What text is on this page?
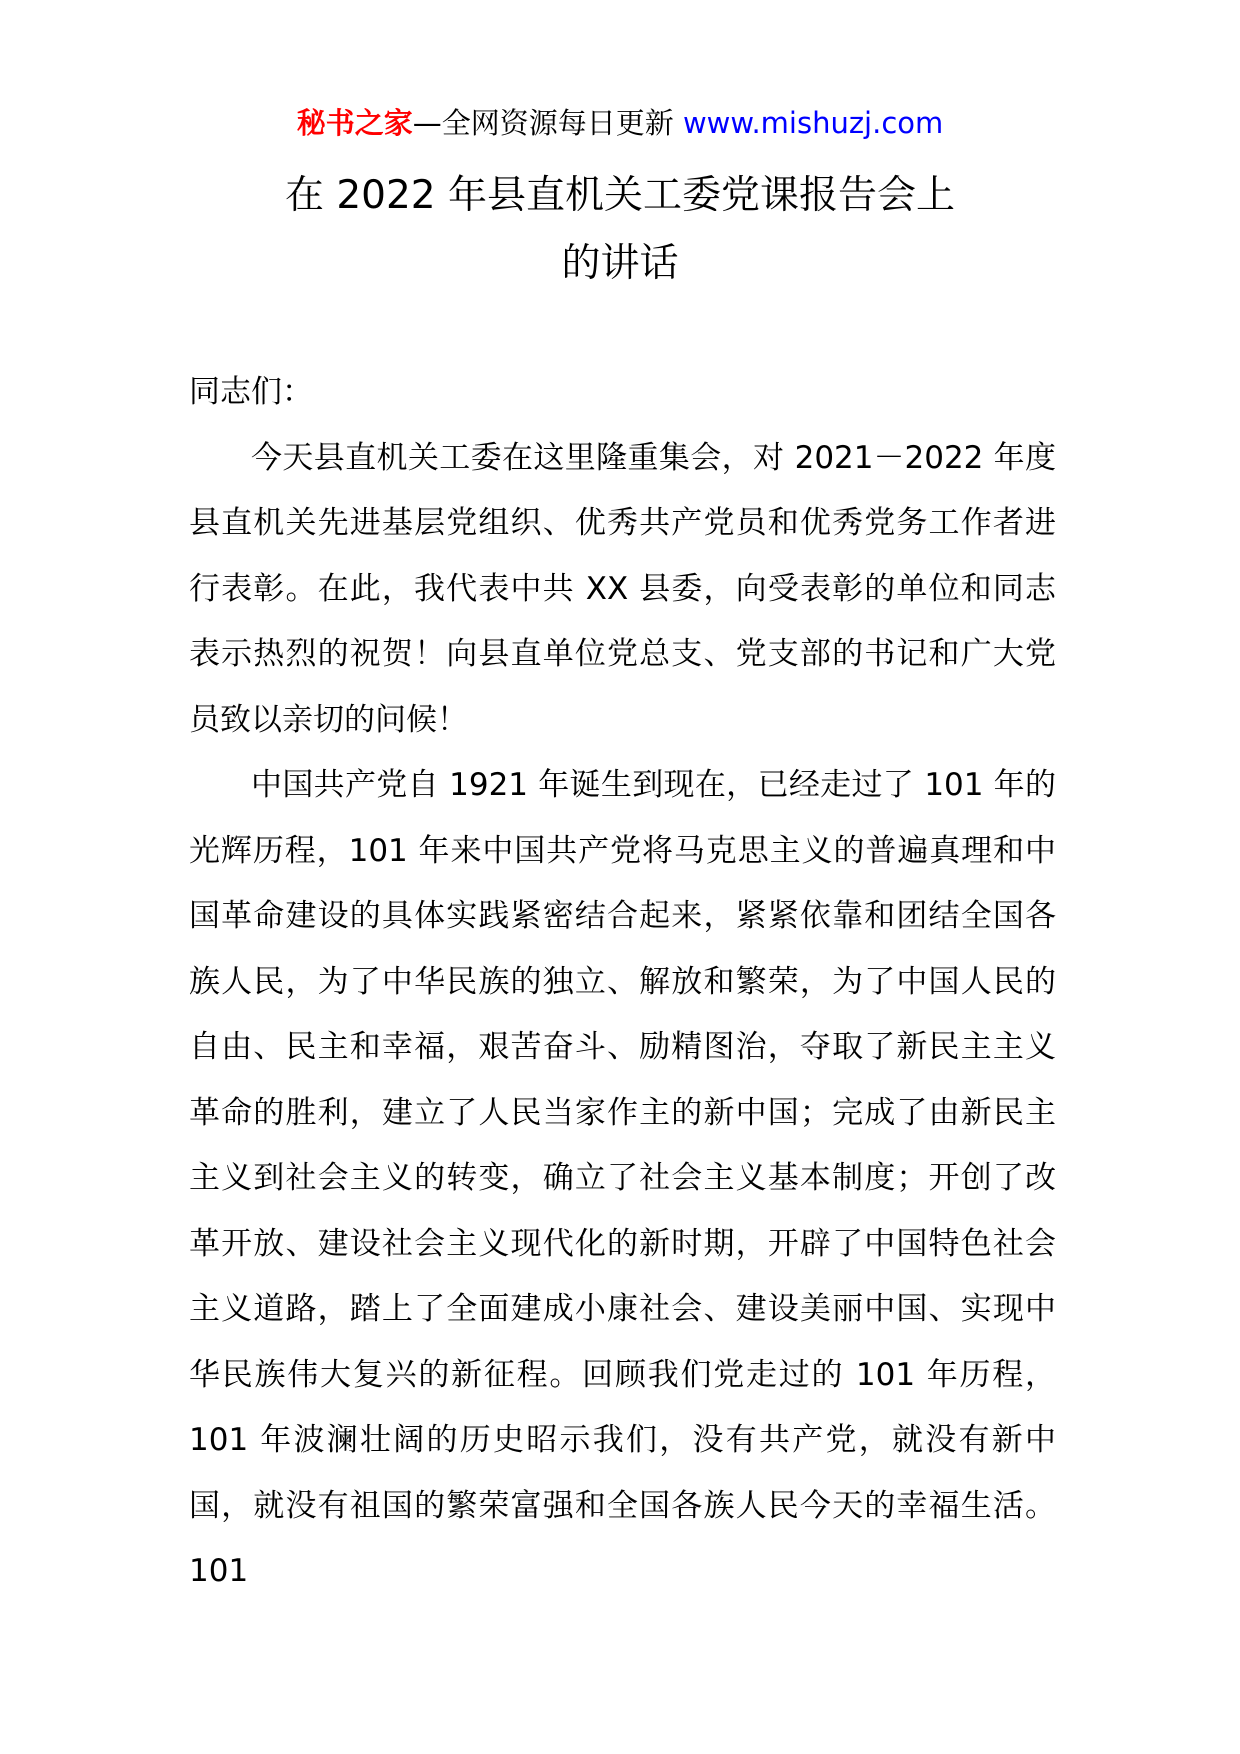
秘书之家—全网资源每日更新 www.mishuzj.com
在 2022 年县直机关工委党课报告会上
的讲话

同志们：

今天县直机关工委在这里隆重集会，对 2021－2022 年度县直机关先进基层党组织、优秀共产党员和优秀党务工作者进行表彰。在此，我代表中共 XX 县委，向受表彰的单位和同志表示热烈的祝贺！向县直单位党总支、党支部的书记和广大党员致以亲切的问候！

中国共产党自 1921 年诞生到现在，已经走过了 101 年的光辉历程，101 年来中国共产党将马克思主义的普遍真理和中国革命建设的具体实践紧密结合起来，紧紧依靠和团结全国各族人民，为了中华民族的独立、解放和繁荣，为了中国人民的自由、民主和幸福，艰苦奋斗、励精图治，夺取了新民主主义革命的胜利，建立了人民当家作主的新中国；完成了由新民主主义到社会主义的转变，确立了社会主义基本制度；开创了改革开放、建设社会主义现代化的新时期，开辟了中国特色社会主义道路，踏上了全面建成小康社会、建设美丽中国、实现中华民族伟大复兴的新征程。回顾我们党走过的 101 年历程，101 年波澜壮阔的历史昭示我们，没有共产党，就没有新中国，就没有祖国的繁荣富强和全国各族人民今天的幸福生活。101
